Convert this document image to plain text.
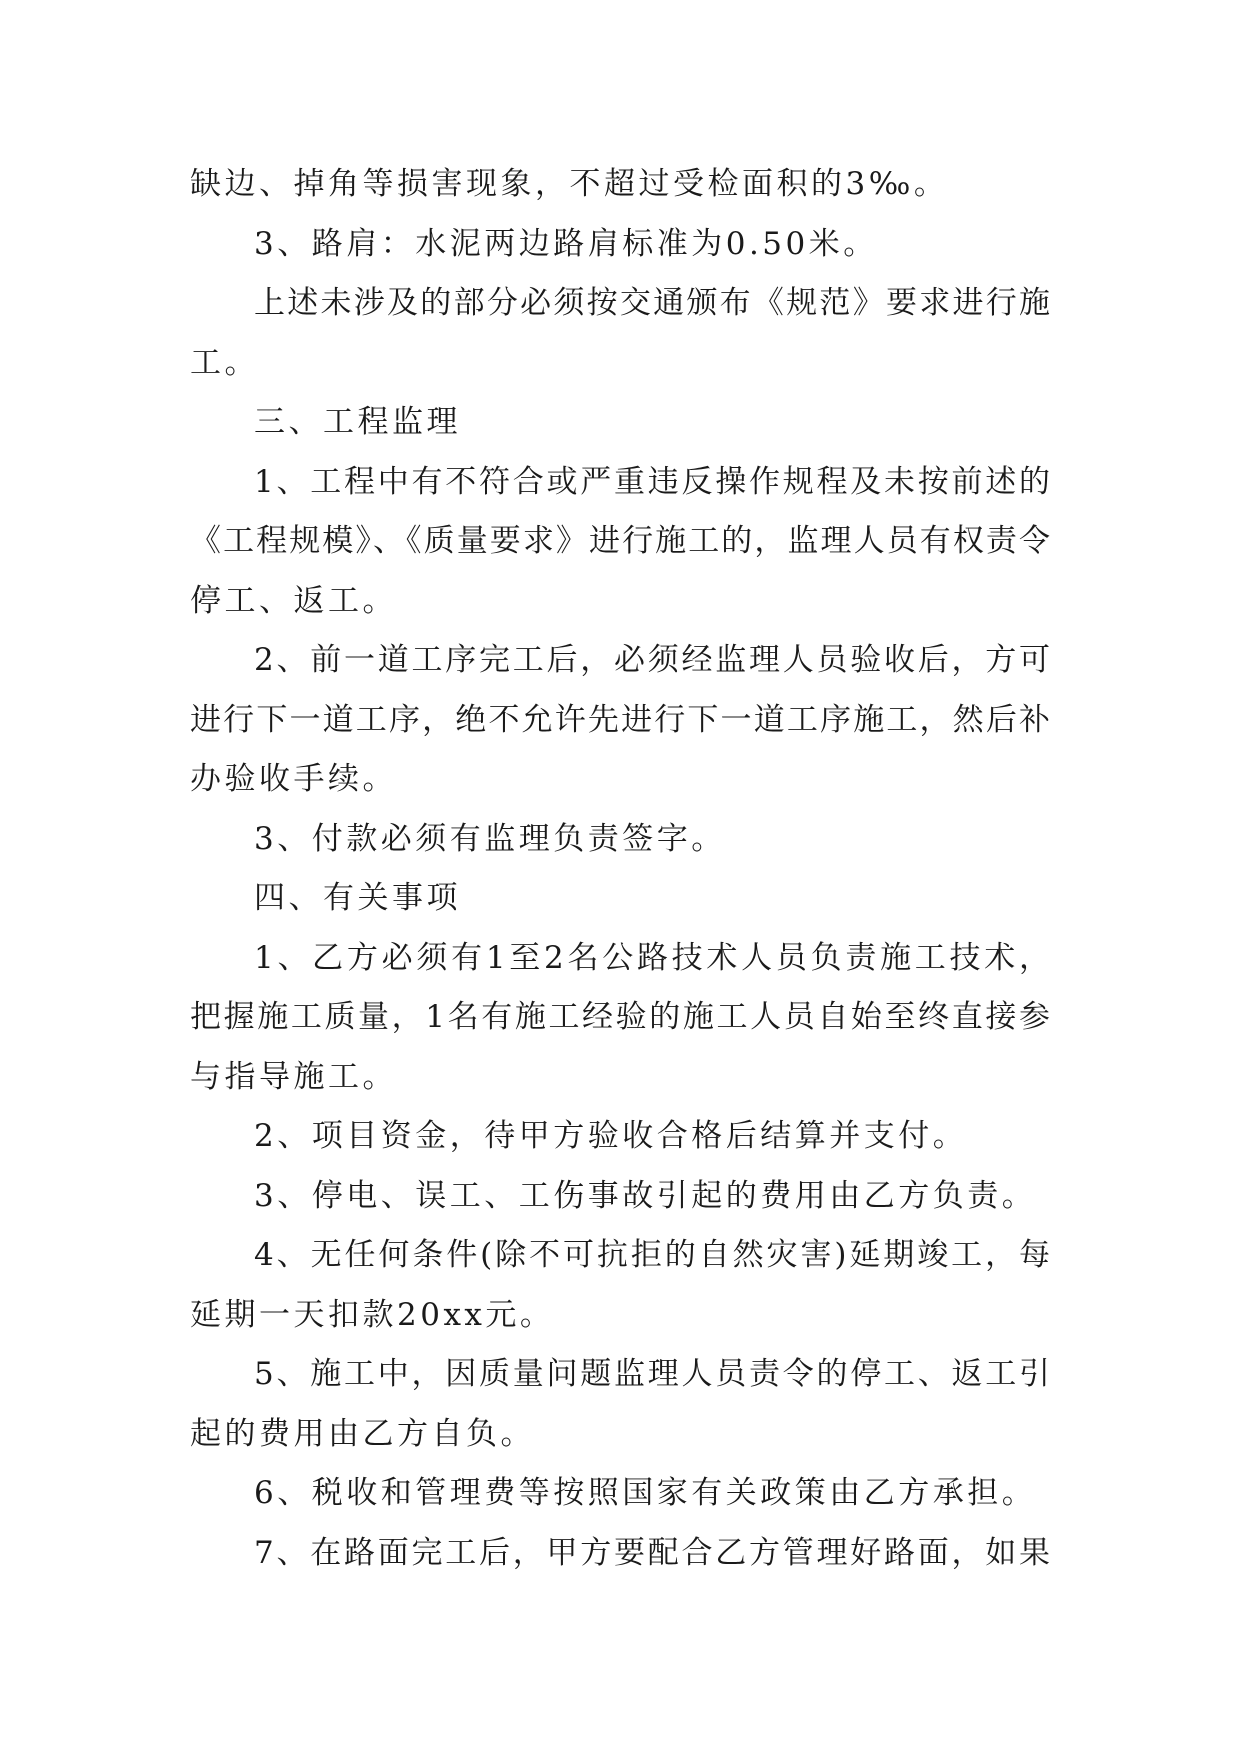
缺边、掉角等损害现象，不超过受检面积的3‰。
3、路肩：水泥两边路肩标准为0.50米。
上述未涉及的部分必须按交通颁布《规范》要求进行施
工。
三、工程监理
1、工程中有不符合或严重违反操作规程及未按前述的
《工程规模》、《质量要求》进行施工的，监理人员有权责令
停工、返工。
2、前一道工序完工后，必须经监理人员验收后，方可
进行下一道工序，绝不允许先进行下一道工序施工，然后补
办验收手续。
3、付款必须有监理负责签字。
四、有关事项
1、乙方必须有1至2名公路技术人员负责施工技术，
把握施工质量，1名有施工经验的施工人员自始至终直接参
与指导施工。
2、项目资金，待甲方验收合格后结算并支付。
3、停电、误工、工伤事故引起的费用由乙方负责。
4、无任何条件(除不可抗拒的自然灾害)延期竣工，每
延期一天扣款20xx元。
5、施工中，因质量问题监理人员责令的停工、返工引
起的费用由乙方自负。
6、税收和管理费等按照国家有关政策由乙方承担。
7、在路面完工后，甲方要配合乙方管理好路面，如果
